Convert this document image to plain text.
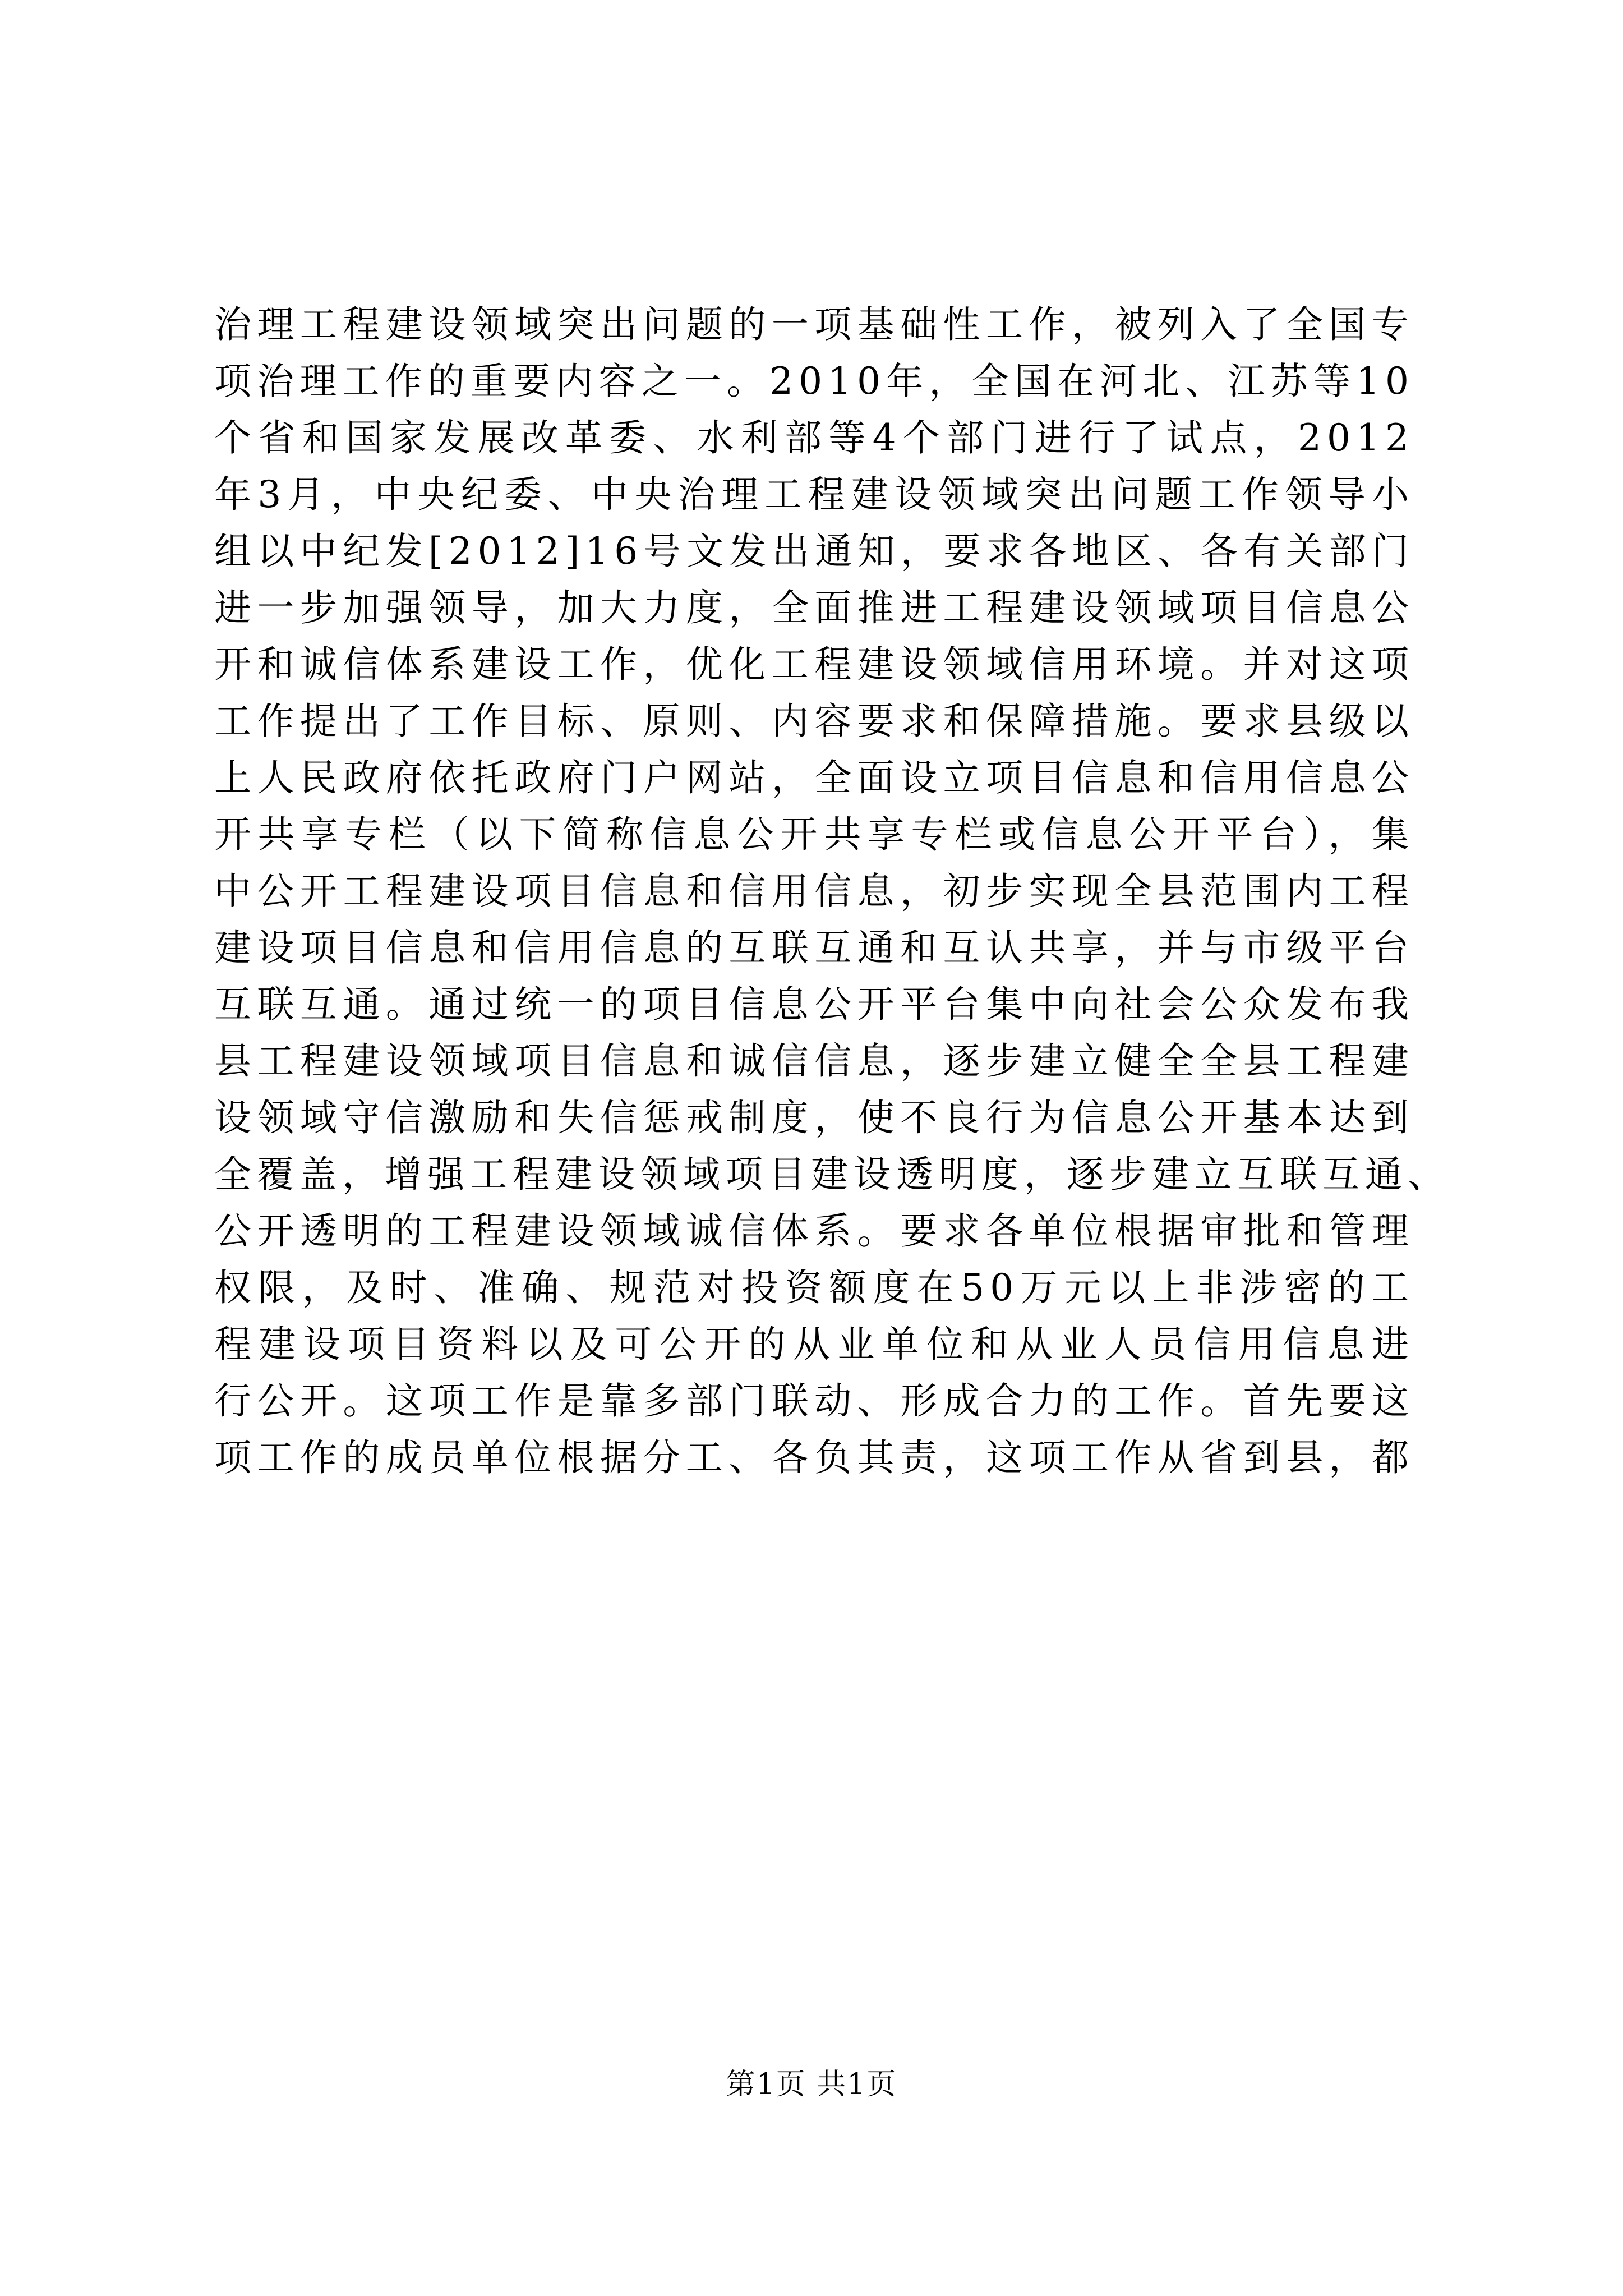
治理工程建设领域突出问题的一项基础性工作，被列入了全国专
项治理工作的重要内容之一。2010年，全国在河北、江苏等10
个省和国家发展改革委、水利部等4个部门进行了试点，2012
年3月，中央纪委、中央治理工程建设领域突出问题工作领导小
组以中纪发[2012]16号文发出通知，要求各地区、各有关部门
进一步加强领导，加大力度，全面推进工程建设领域项目信息公
开和诚信体系建设工作，优化工程建设领域信用环境。并对这项
工作提出了工作目标、原则、内容要求和保障措施。要求县级以
上人民政府依托政府门户网站，全面设立项目信息和信用信息公
开共享专栏（以下简称信息公开共享专栏或信息公开平台），集
中公开工程建设项目信息和信用信息，初步实现全县范围内工程
建设项目信息和信用信息的互联互通和互认共享，并与市级平台
互联互通。通过统一的项目信息公开平台集中向社会公众发布我
县工程建设领域项目信息和诚信信息，逐步建立健全全县工程建
设领域守信激励和失信惩戒制度，使不良行为信息公开基本达到
全覆盖，增强工程建设领域项目建设透明度，逐步建立互联互通、
公开透明的工程建设领域诚信体系。要求各单位根据审批和管理
权限，及时、准确、规范对投资额度在50万元以上非涉密的工
程建设项目资料以及可公开的从业单位和从业人员信用信息进
行公开。这项工作是靠多部门联动、形成合力的工作。首先要这
项工作的成员单位根据分工、各负其责，这项工作从省到县，都
第1页 共1页
